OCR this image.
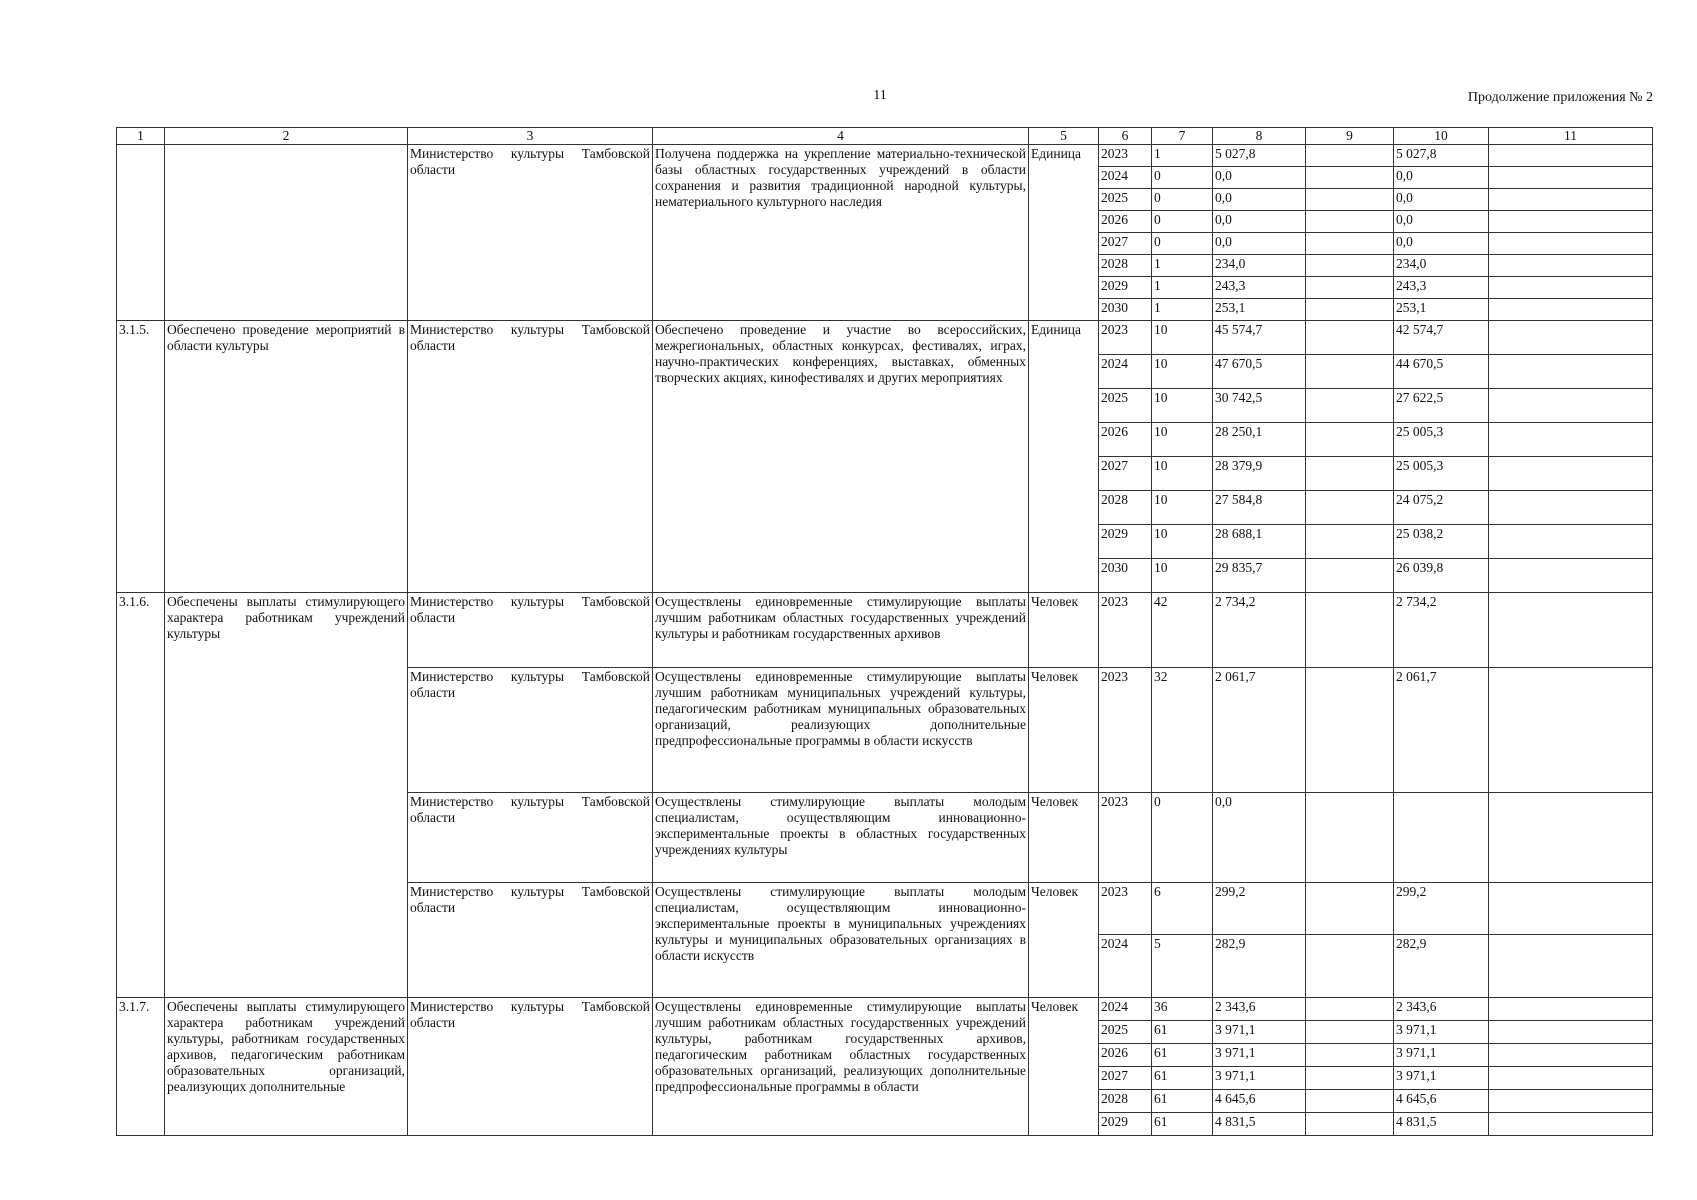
11	Продолжение приложения № 2
1	2	3	4	5	6	7	8	9	10	11	
		Министерство культуры Тамбовской области	Получена поддержка на укрепление материально-технической базы областных государственных учреждений в области сохранения и развития традиционной народной культуры, нематериального культурного наследия	Единица	2023	1	5 027,8		5 027,8		
					2024	0	0,0		0,0		
					2025	0	0,0		0,0		
					2026	0	0,0		0,0		
					2027	0	0,0		0,0		
					2028	1	234,0		234,0		
					2029	1	243,3		243,3		
					2030	1	253,1		253,1		
3.1.5.	Обеспечено проведение мероприятий в области культуры	Министерство культуры Тамбовской области	Обеспечено проведение и участие во всероссийских, межрегиональных, областных конкурсах, фестивалях, играх, научно-практических конференциях, выставках, обменных творческих акциях, кинофестивалях и других мероприятиях	Единица	2023	10	45 574,7		42 574,7		
					2024	10	47 670,5		44 670,5		
					2025	10	30 742,5		27 622,5		
					2026	10	28 250,1		25 005,3		
					2027	10	28 379,9		25 005,3		
					2028	10	27 584,8		24 075,2		
					2029	10	28 688,1		25 038,2		
					2030	10	29 835,7		26 039,8		
3.1.6.	Обеспечены выплаты стимулирующего характера работникам учреждений культуры	Министерство культуры Тамбовской области	Осуществлены единовременные стимулирующие выплаты лучшим работникам областных государственных учреждений культуры и работникам государственных архивов	Человек	2023	42	2 734,2		2 734,2		
		Министерство культуры Тамбовской области	Осуществлены единовременные стимулирующие выплаты лучшим работникам муниципальных учреждений культуры, педагогическим работникам муниципальных образовательных организаций, реализующих дополнительные предпрофессиональные программы в области искусств	Человек	2023	32	2 061,7		2 061,7		
		Министерство культуры Тамбовской области	Осуществлены стимулирующие выплаты молодым специалистам, осуществляющим инновационно-экспериментальные проекты в областных государственных учреждениях культуры	Человек	2023	0	0,0				
		Министерство культуры Тамбовской области	Осуществлены стимулирующие выплаты молодым специалистам, осуществляющим инновационно-экспериментальные проекты в муниципальных учреждениях культуры и муниципальных образовательных организациях в области искусств	Человек	2023	6	299,2		299,2		
					2024	5	282,9		282,9		
3.1.7.	Обеспечены выплаты стимулирующего характера работникам учреждений культуры, работникам государственных архивов, педагогическим работникам образовательных организаций, реализующих дополнительные	Министерство культуры Тамбовской области	Осуществлены единовременные стимулирующие выплаты лучшим работникам областных государственных учреждений культуры, работникам государственных архивов, педагогическим работникам областных государственных образовательных организаций, реализующих дополнительные предпрофессиональные программы в области	Человек	2024	36	2 343,6		2 343,6		
					2025	61	3 971,1		3 971,1		
					2026	61	3 971,1		3 971,1		
					2027	61	3 971,1		3 971,1		
					2028	61	4 645,6		4 645,6		
					2029	61	4 831,5		4 831,5		
